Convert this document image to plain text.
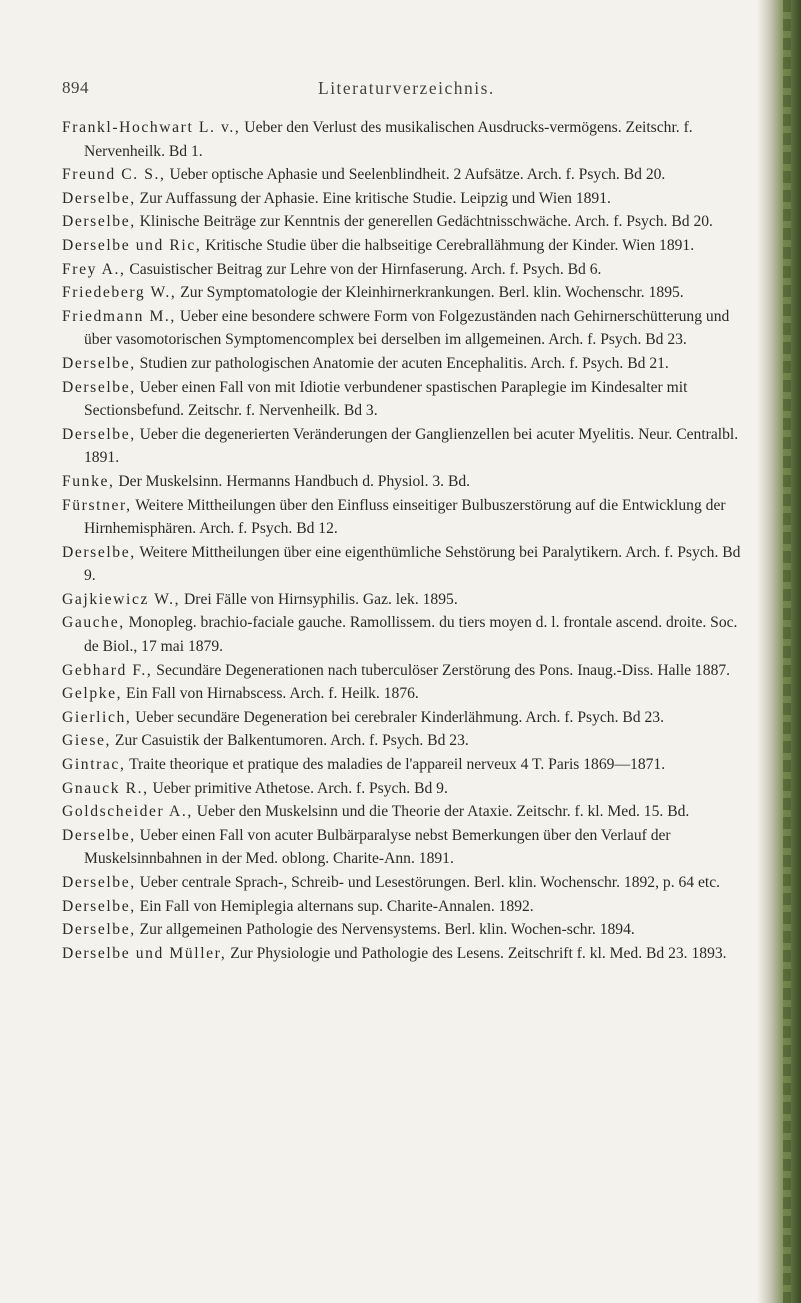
894	Literaturverzeichnis.

Frankl-Hochwart L. v., Ueber den Verlust des musikalischen Ausdrucks-vermögens. Zeitschr. f. Nervenheilk. Bd 1.

Freund C. S., Ueber optische Aphasie und Seelenblindheit. 2 Aufsätze. Arch. f. Psych. Bd 20.

Derselbe, Zur Auffassung der Aphasie. Eine kritische Studie. Leipzig und Wien 1891.

Derselbe, Klinische Beiträge zur Kenntnis der generellen Gedächtnisschwäche. Arch. f. Psych. Bd 20.

Derselbe und Ric, Kritische Studie über die halbseitige Cerebrallähmung der Kinder. Wien 1891.

Frey A., Casuistischer Beitrag zur Lehre von der Hirnfaserung. Arch. f. Psych. Bd 6.

Friedeberg W., Zur Symptomatologie der Kleinhirnerkrankungen. Berl. klin. Wochenschr. 1895.

Friedmann M., Ueber eine besondere schwere Form von Folgezuständen nach Gehirnerschütterung und über vasomotorischen Symptomencomplex bei derselben im allgemeinen. Arch. f. Psych. Bd 23.

Derselbe, Studien zur pathologischen Anatomie der acuten Encephalitis. Arch. f. Psych. Bd 21.

Derselbe, Ueber einen Fall von mit Idiotie verbundener spastischen Paraplegie im Kindesalter mit Sectionsbefund. Zeitschr. f. Nervenheilk. Bd 3.

Derselbe, Ueber die degenerierten Veränderungen der Ganglienzellen bei acuter Myelitis. Neur. Centralbl. 1891.

Funke, Der Muskelsinn. Hermanns Handbuch d. Physiol. 3. Bd.

Fürstner, Weitere Mittheilungen über den Einfluss einseitiger Bulbuszerstörung auf die Entwicklung der Hirnhemisphären. Arch. f. Psych. Bd 12.

Derselbe, Weitere Mittheilungen über eine eigenthümliche Sehstörung bei Paralytikern. Arch. f. Psych. Bd 9.

Gajkiewicz W., Drei Fälle von Hirnsyphilis. Gaz. lek. 1895.

Gauche, Monopleg. brachio-faciale gauche. Ramollissem. du tiers moyen d. l. frontale ascend. droite. Soc. de Biol., 17 mai 1879.

Gebhard F., Secundäre Degenerationen nach tuberculöser Zerstörung des Pons. Inaug.-Diss. Halle 1887.

Gelpke, Ein Fall von Hirnabscess. Arch. f. Heilk. 1876.

Gierlich, Ueber secundäre Degeneration bei cerebraler Kinderlähmung. Arch. f. Psych. Bd 23.

Giese, Zur Casuistik der Balkentumoren. Arch. f. Psych. Bd 23.

Gintrac, Traite theorique et pratique des maladies de l'appareil nerveux 4 T. Paris 1869—1871.

Gnauck R., Ueber primitive Athetose. Arch. f. Psych. Bd 9.

Goldscheider A., Ueber den Muskelsinn und die Theorie der Ataxie. Zeitschr. f. kl. Med. 15. Bd.

Derselbe, Ueber einen Fall von acuter Bulbärparalyse nebst Bemerkungen über den Verlauf der Muskelsinnbahnen in der Med. oblong. Charite-Ann. 1891.

Derselbe, Ueber centrale Sprach-, Schreib- und Lesestörungen. Berl. klin. Wochenschr. 1892, p. 64 etc.

Derselbe, Ein Fall von Hemiplegia alternans sup. Charite-Annalen. 1892.

Derselbe, Zur allgemeinen Pathologie des Nervensystems. Berl. klin. Wochen-schr. 1894.

Derselbe und Müller, Zur Physiologie und Pathologie des Lesens. Zeitschrift f. kl. Med. Bd 23. 1893.
